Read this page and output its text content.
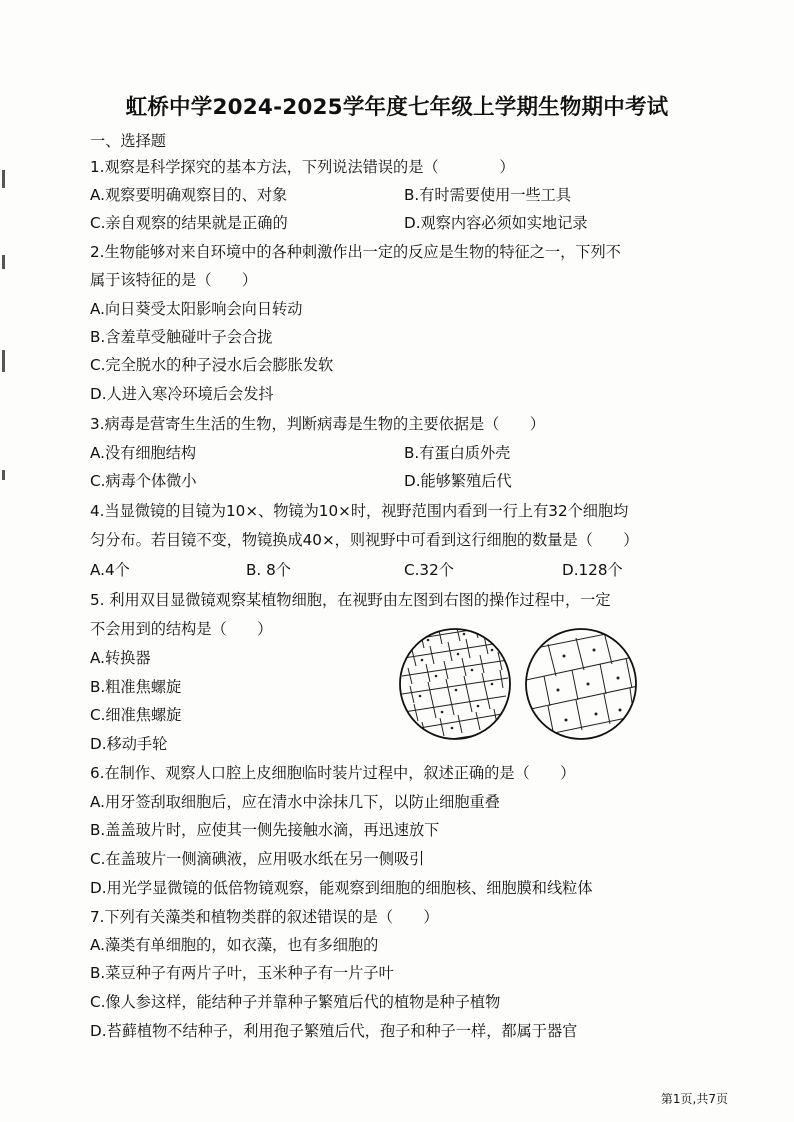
虹桥中学2024-2025学年度七年级上学期生物期中考试
一、选择题
1.观察是科学探究的基本方法，下列说法错误的是（　　　　）
A.观察要明确观察目的、对象	B.有时需要使用一些工具
C.亲自观察的结果就是正确的	D.观察内容必须如实地记录
2.生物能够对来自环境中的各种刺激作出一定的反应是生物的特征之一，下列不
属于该特征的是（　　）
A.向日葵受太阳影响会向日转动
B.含羞草受触碰叶子会合拢
C.完全脱水的种子浸水后会膨胀发软
D.人进入寒冷环境后会发抖
3.病毒是营寄生生活的生物，判断病毒是生物的主要依据是（　　）
A.没有细胞结构	B.有蛋白质外壳
C.病毒个体微小	D.能够繁殖后代
4.当显微镜的目镜为10×、物镜为10×时，视野范围内看到一行上有32个细胞均
匀分布。若目镜不变，物镜换成40×，则视野中可看到这行细胞的数量是（　　）
A.4个	B. 8个	C.32个	D.128个
5. 利用双目显微镜观察某植物细胞，在视野由左图到右图的操作过程中，一定
不会用到的结构是（　　）
A.转换器
B.粗准焦螺旋
C.细准焦螺旋
D.移动手轮
6.在制作、观察人口腔上皮细胞临时装片过程中，叙述正确的是（　　）
A.用牙签刮取细胞后，应在清水中涂抹几下，以防止细胞重叠
B.盖盖玻片时，应使其一侧先接触水滴，再迅速放下
C.在盖玻片一侧滴碘液，应用吸水纸在另一侧吸引
D.用光学显微镜的低倍物镜观察，能观察到细胞的细胞核、细胞膜和线粒体
7.下列有关藻类和植物类群的叙述错误的是（　　）
A.藻类有单细胞的，如衣藻，也有多细胞的
B.菜豆种子有两片子叶，玉米种子有一片子叶
C.像人参这样，能结种子并靠种子繁殖后代的植物是种子植物
D.苔藓植物不结种子，利用孢子繁殖后代，孢子和种子一样，都属于器官
第1页,共7页
